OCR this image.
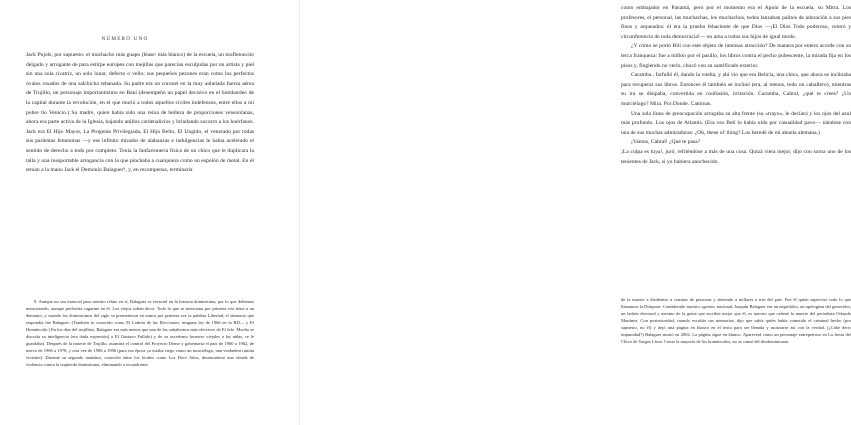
NÚMERO UNO

Jack Pujols, por supuesto: el muchacho más guapo (léase: más blanco) de la escuela, un mofletoncito delgado y arrogante de para estirpe europea con mejillas que parecían esculpidas por un artista y piel sin una sola cicatriz, un solo lunar, defecto o vello; sus pequeños pezones eran como los perfectos óvalos rosados de una salchicha rebanada. Su padre era un coronel en la muy anhelada fuerza aérea de Trujillo, un personaje importantísimo en Baní (desempeñó un papel decisivo en el bombardeo de la capital durante la revolución, en el que murió a todos aquellos civiles indefensos, entre ellos a mi pobre tío Venicio.) Su madre, quien había sido una reina de belleza de proporciones venezolanas, ahora era parte activa de la Iglesia, bajando anillos cardenalicios y brindando socorro a los huérfanos. Jack era El Hijo Mayor, La Progenie Privilegiada, El Hijo Bello, El Ungido, el venerado por todas sus parientas femeninas —y ese infinito mirador de alabanzas e indulgencias le había acelerado el sentido de derecho a todo por completo. Tenía la fanfarronería física de un chico que le duplicara la talla y una insoportable arrogancia con la que pinchaba a cualquiera como un espolón de metal. En él tenían a la mano Jack el Demonio Balaguer⁹, y, en recompensa, terminaría

9. Aunque no sea esencial para nuestro relato en sí, Balaguer es esencial en la historia dominicana, por lo que debemos mencionarlo, aunque preferiría cagarme en él. Los viejos solían decir: Todo lo que se menciona por primera vez tiene a un demonio, y cuando los dominicanos del siglo se prometieron en nunca por primera vez la palabra Libertad, el demonio que respondía fue Balaguer. (También se conocido como El Ladrón de las Elecciones: ninguna ley de 1966 en la RD— y El Homúnculo.) En los días del trujillato, Balaguer era más menos que uno de los subalternos más efectivos de El Jefe. Mucho se discutía su inteligencia (era duda expresión) a El Gustavo Fallido) y de su ascetismo (nuestro viejales a las niñas, se le guardaba). Después de la muerte de Trujillo, asumiría el control del Proyecto Demo y gobernaría el país de 1960 a 1962, de nuevo de 1966 a 1978, y otra vez de 1986 a 1996 (para esa época ya estaba ciego como un murciélago, una verdadera ruinita viviente). Durante su segundo mandato, conocido entre los locales como Los Doce Años, desencadenó una oleada de violencia contra la izquierda dominicana, eliminando a escuadrones

como embajador en Panamá, pero por el momento era el Apolo de la escuela, su Mitra. Los profesores, el personal, las muchachas, los muchachos, todos lanzaban palitos de adoración a sus pies finos y arqueados: él era la prueba fehaciente de que Dios —¡El Dios Todo poderoso, centro y circunferencia de toda democracia!— no ama a todos sus hijos de igual modo.

¿Y cómo se portó Bilí con este objeto de intensas atracción? De manera por entero acorde con su terca franqueza: fue a millón por el pasillo, los libros contra el pecho pubescente, la mirada fija en los pisos y, fingiendo no verlo, chocó con su santificado exterior.

Caramba.. farfulló él, dando la vuelta, y ahí vio que era Belicia, una chica, que ahora se inclinaba para recuperar sus libros. Entonces él también se inclinó (era, al menos, todo un caballero), mientras su ira se disipaba, convertida en confusión, irritación. Caramba, Cabral, ¿qué te crees? ¿Un murciélago? Mira. Por Donde. Caminas.

Una sola línea de preocupación arrugaba su alta frente (su «trayo», le decían) y los ojos del azul más profundo. Los ojos de Atlantis. (Era vez Belí lo había oído por casualidad pavo— nándose con una de sus muchas admiradoras: ¿Oh, these ol' thing? Los heredé de mi abuela alemana.)

¡Vamos, Cabral! ¿Qué te pasa?

¡La culpa es tuya!, juró, refriéndose a más de una cosa. Quizá viera mejor, dijo con sorna uno de los tenientes de Jack, si yo hubiera anochecido.

de la muerte a disidentes a comitas de personas y abriendo a millares a irse del país. Fue él quien supervisó todo lo que llamamos la Diáspora. Considerado nuestro «genio» nacional, Joaquín Balaguer era un negrófobo, un apologista del genocidio, un ladrón electoral y asesino de la gente que escribía mejor que él, es notorio que ordenó la muerte del periodista Orlando Martínez. Con posterioridad, cuando escribía sus memorias, dijo que sabía quién había cometido el criminal hecho (por supuesto, no él) y dejó una página en blanco en el texto para ser llenada y mostrarse así con la verdad. (¿Cabe decir impunidad?) Balaguer murió en 2002. La página sigue en blanco. Aparecerá como un personaje entrepetroso en La fiesta del Chivo de Vargas Llosa. Como la mayoría de los homúnculos, no se cansó del desdominicana.
